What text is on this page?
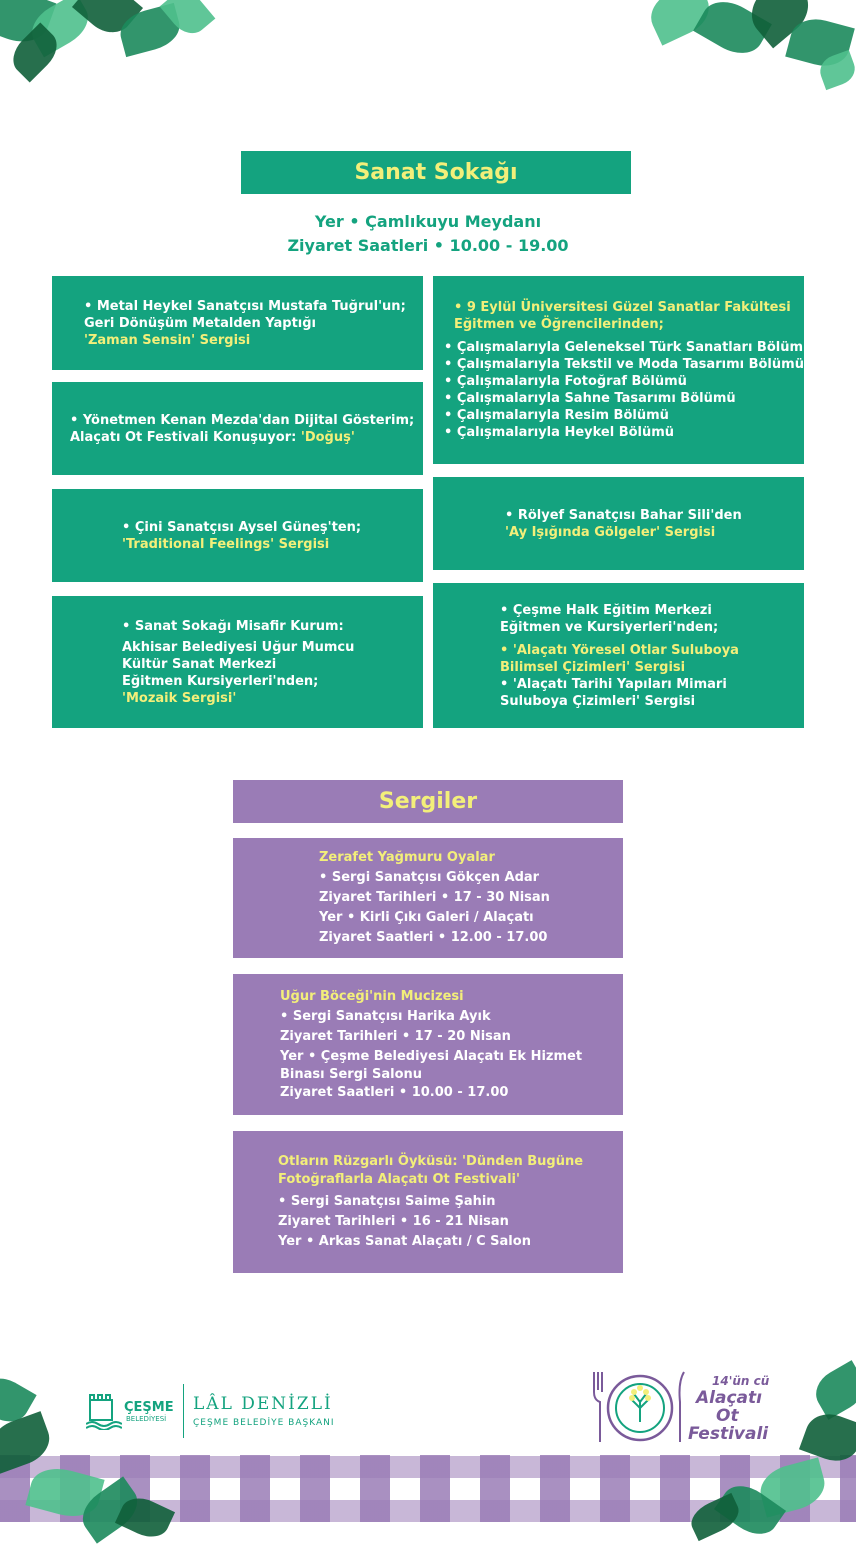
Sanat Sokağı
Yer • Çamlıkuyu Meydanı
Ziyaret Saatleri • 10.00 - 19.00
• Metal Heykel Sanatçısı Mustafa Tuğrul'un;
Geri Dönüşüm Metalden Yaptığı
'Zaman Sensin' Sergisi
• Yönetmen Kenan Mezda'dan Dijital Gösterim;
Alaçatı Ot Festivali Konuşuyor: 'Doğuş'
• Çini Sanatçısı Aysel Güneş'ten;
'Traditional Feelings' Sergisi
• Sanat Sokağı Misafir Kurum:
Akhisar Belediyesi Uğur Mumcu
Kültür Sanat Merkezi
Eğitmen Kursiyerleri'nden;
'Mozaik Sergisi'
• 9 Eylül Üniversitesi Güzel Sanatlar Fakültesi
Eğitmen ve Öğrencilerinden;
• Çalışmalarıyla Geleneksel Türk Sanatları Bölümü
• Çalışmalarıyla Tekstil ve Moda Tasarımı Bölümü
• Çalışmalarıyla Fotoğraf Bölümü
• Çalışmalarıyla Sahne Tasarımı Bölümü
• Çalışmalarıyla Resim Bölümü
• Çalışmalarıyla Heykel Bölümü
• Rölyef Sanatçısı Bahar Sili'den
'Ay Işığında Gölgeler' Sergisi
• Çeşme Halk Eğitim Merkezi
Eğitmen ve Kursiyerleri'nden;
• 'Alaçatı Yöresel Otlar Suluboya
Bilimsel Çizimleri' Sergisi
• 'Alaçatı Tarihi Yapıları Mimari
Suluboya Çizimleri' Sergisi
Sergiler
Zerafet Yağmuru Oyalar
• Sergi Sanatçısı Gökçen Adar
Ziyaret Tarihleri • 17 - 30 Nisan
Yer • Kirli Çıkı Galeri / Alaçatı
Ziyaret Saatleri • 12.00 - 17.00
Uğur Böceği'nin Mucizesi
• Sergi Sanatçısı Harika Ayık
Ziyaret Tarihleri • 17 - 20 Nisan
Yer • Çeşme Belediyesi Alaçatı Ek Hizmet
Binası Sergi Salonu
Ziyaret Saatleri • 10.00 - 17.00
Otların Rüzgarlı Öyküsü: 'Dünden Bugüne
Fotoğraflarla Alaçatı Ot Festivali'
• Sergi Sanatçısı Saime Şahin
Ziyaret Tarihleri • 16 - 21 Nisan
Yer • Arkas Sanat Alaçatı / C Salon
ÇEŞME
BELEDİYESİ
LÂL DENİZLİ
ÇEŞME BELEDİYE BAŞKANI
14'ün cü
Alaçatı
Ot
Festivali
